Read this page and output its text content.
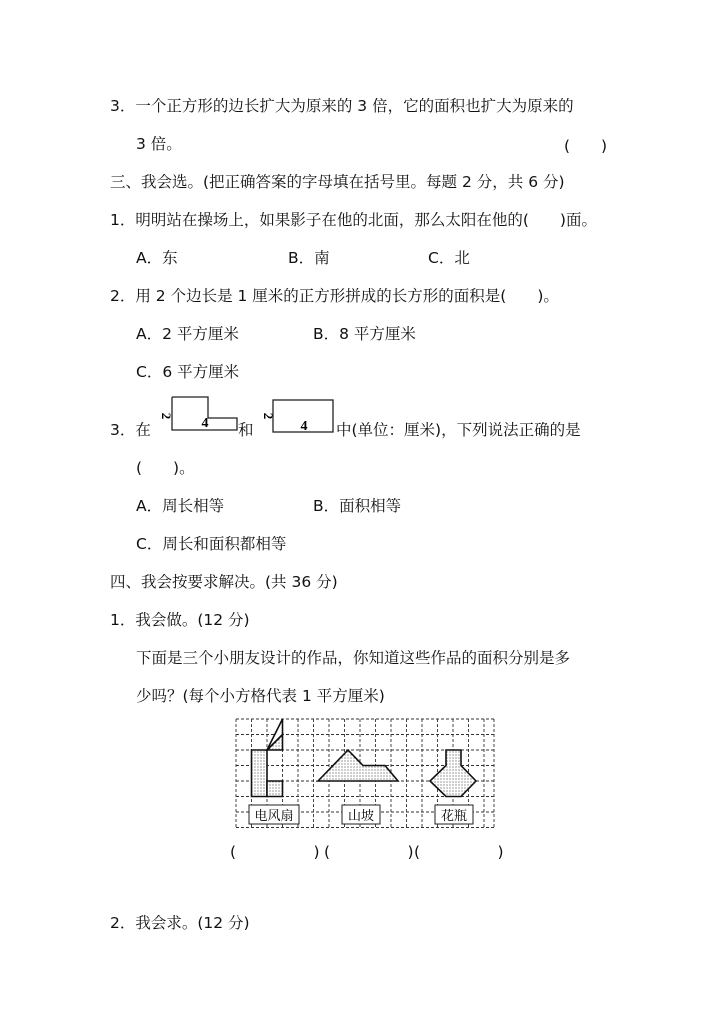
3．一个正方形的边长扩大为原来的 3 倍，它的面积也扩大为原来的
3 倍。	(　　)
三、我会选。(把正确答案的字母填在括号里。每题 2 分，共 6 分)
1．明明站在操场上，如果影子在他的北面，那么太阳在他的(　　)面。
A．东	B．南	C．北
2．用 2 个边长是 1 厘米的正方形拼成的长方形的面积是(　　)。
A．2 平方厘米	B．8 平方厘米
C．6 平方厘米
3．在
2 4 和
2
4 中(单位：厘米)，下列说法正确的是
(　　)。
A．周长相等	B．面积相等
C．周长和面积都相等
四、我会按要求解决。(共 36 分)
1．我会做。(12 分)
下面是三个小朋友设计的作品，你知道这些作品的面积分别是多
少吗？(每个小方格代表 1 平方厘米)
电风扇	山坡	花瓶
(　　　　　) (　　　　　) (　　　　　)
2．我会求。(12 分)
